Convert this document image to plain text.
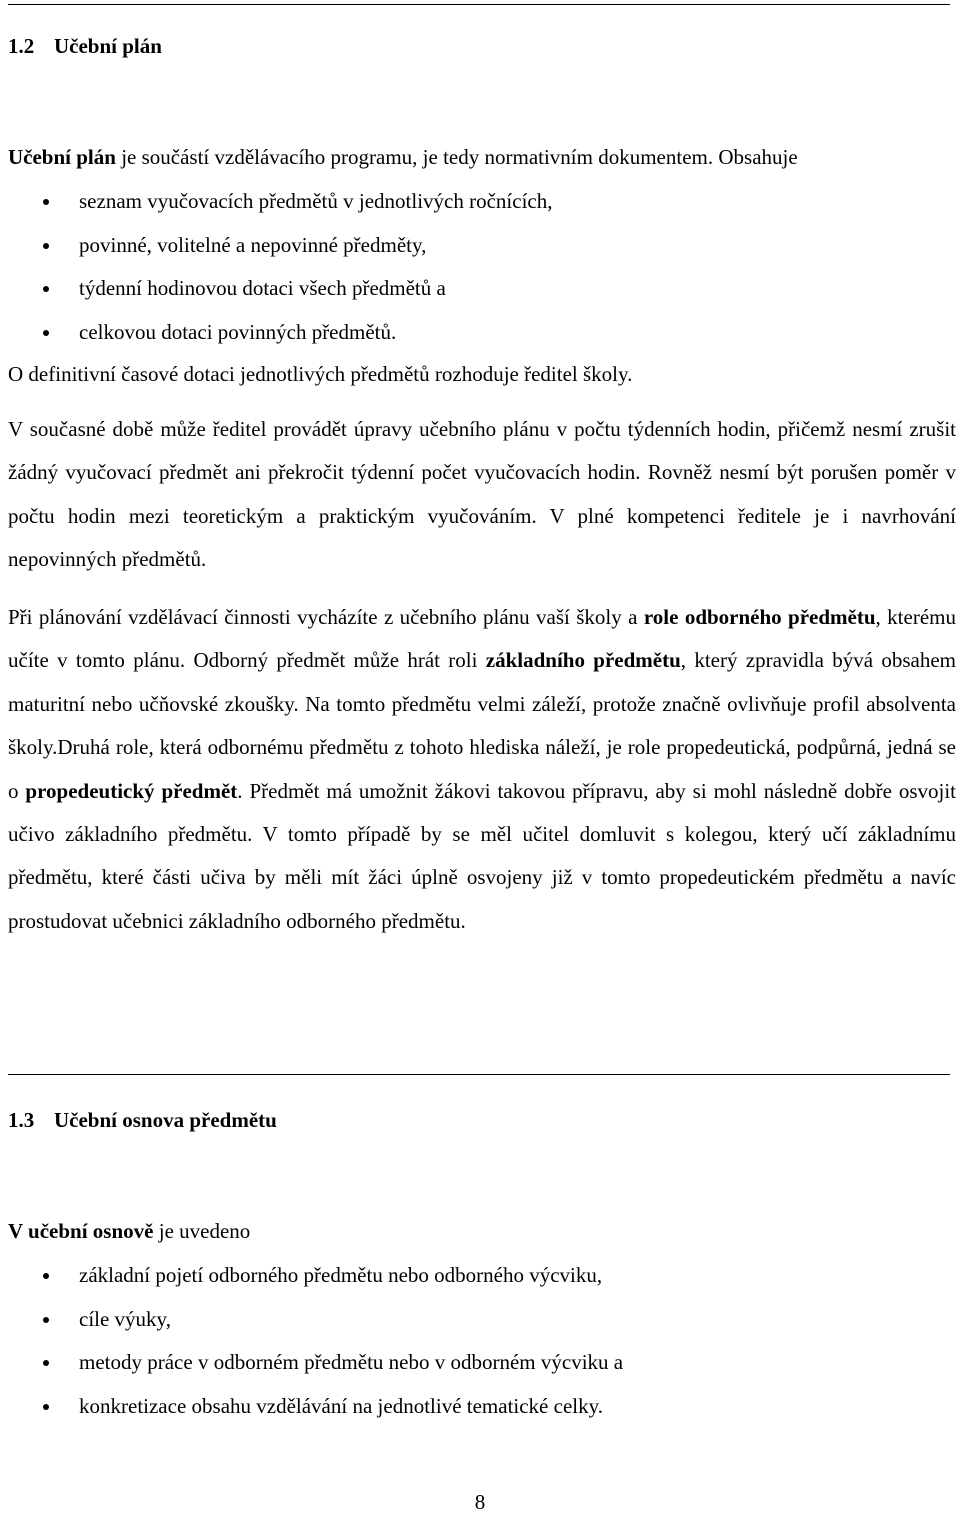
1.2 Učební plán

Učební plán je součástí vzdělávacího programu, je tedy normativním dokumentem. Obsahuje

seznam vyučovacích předmětů v jednotlivých ročnících,
povinné, volitelné a nepovinné předměty,
týdenní hodinovou dotaci všech předmětů a
celkovou dotaci povinných předmětů.

O definitivní časové dotaci jednotlivých předmětů rozhoduje ředitel školy.

V současné době může ředitel provádět úpravy učebního plánu v počtu týdenních hodin, přičemž nesmí zrušit žádný vyučovací předmět ani překročit týdenní počet vyučovacích hodin. Rovněž nesmí být porušen poměr v počtu hodin mezi teoretickým a praktickým vyučováním. V plné kompetenci ředitele je i navrhování nepovinných předmětů.

Při plánování vzdělávací činnosti vycházíte z učebního plánu vaší školy a role odborného předmětu, kterému učíte v tomto plánu. Odborný předmět může hrát roli základního předmětu, který zpravidla bývá obsahem maturitní nebo učňovské zkoušky. Na tomto předmětu velmi záleží, protože značně ovlivňuje profil absolventa školy.Druhá role, která odbornému předmětu z tohoto hlediska náleží, je role propedeutická, podpůrná, jedná se o propedeutický předmět. Předmět má umožnit žákovi takovou přípravu, aby si mohl následně dobře osvojit učivo základního předmětu. V tomto případě by se měl učitel domluvit s kolegou, který učí základnímu předmětu, které části učiva by měli mít žáci úplně osvojeny již v tomto propedeutickém předmětu a navíc prostudovat učebnici základního odborného předmětu.

1.3 Učební osnova předmětu

V učební osnově je uvedeno

základní pojetí odborného předmětu nebo odborného výcviku,
cíle výuky,
metody práce v odborném předmětu nebo v odborném výcviku a
konkretizace obsahu vzdělávání na jednotlivé tematické celky.
8
